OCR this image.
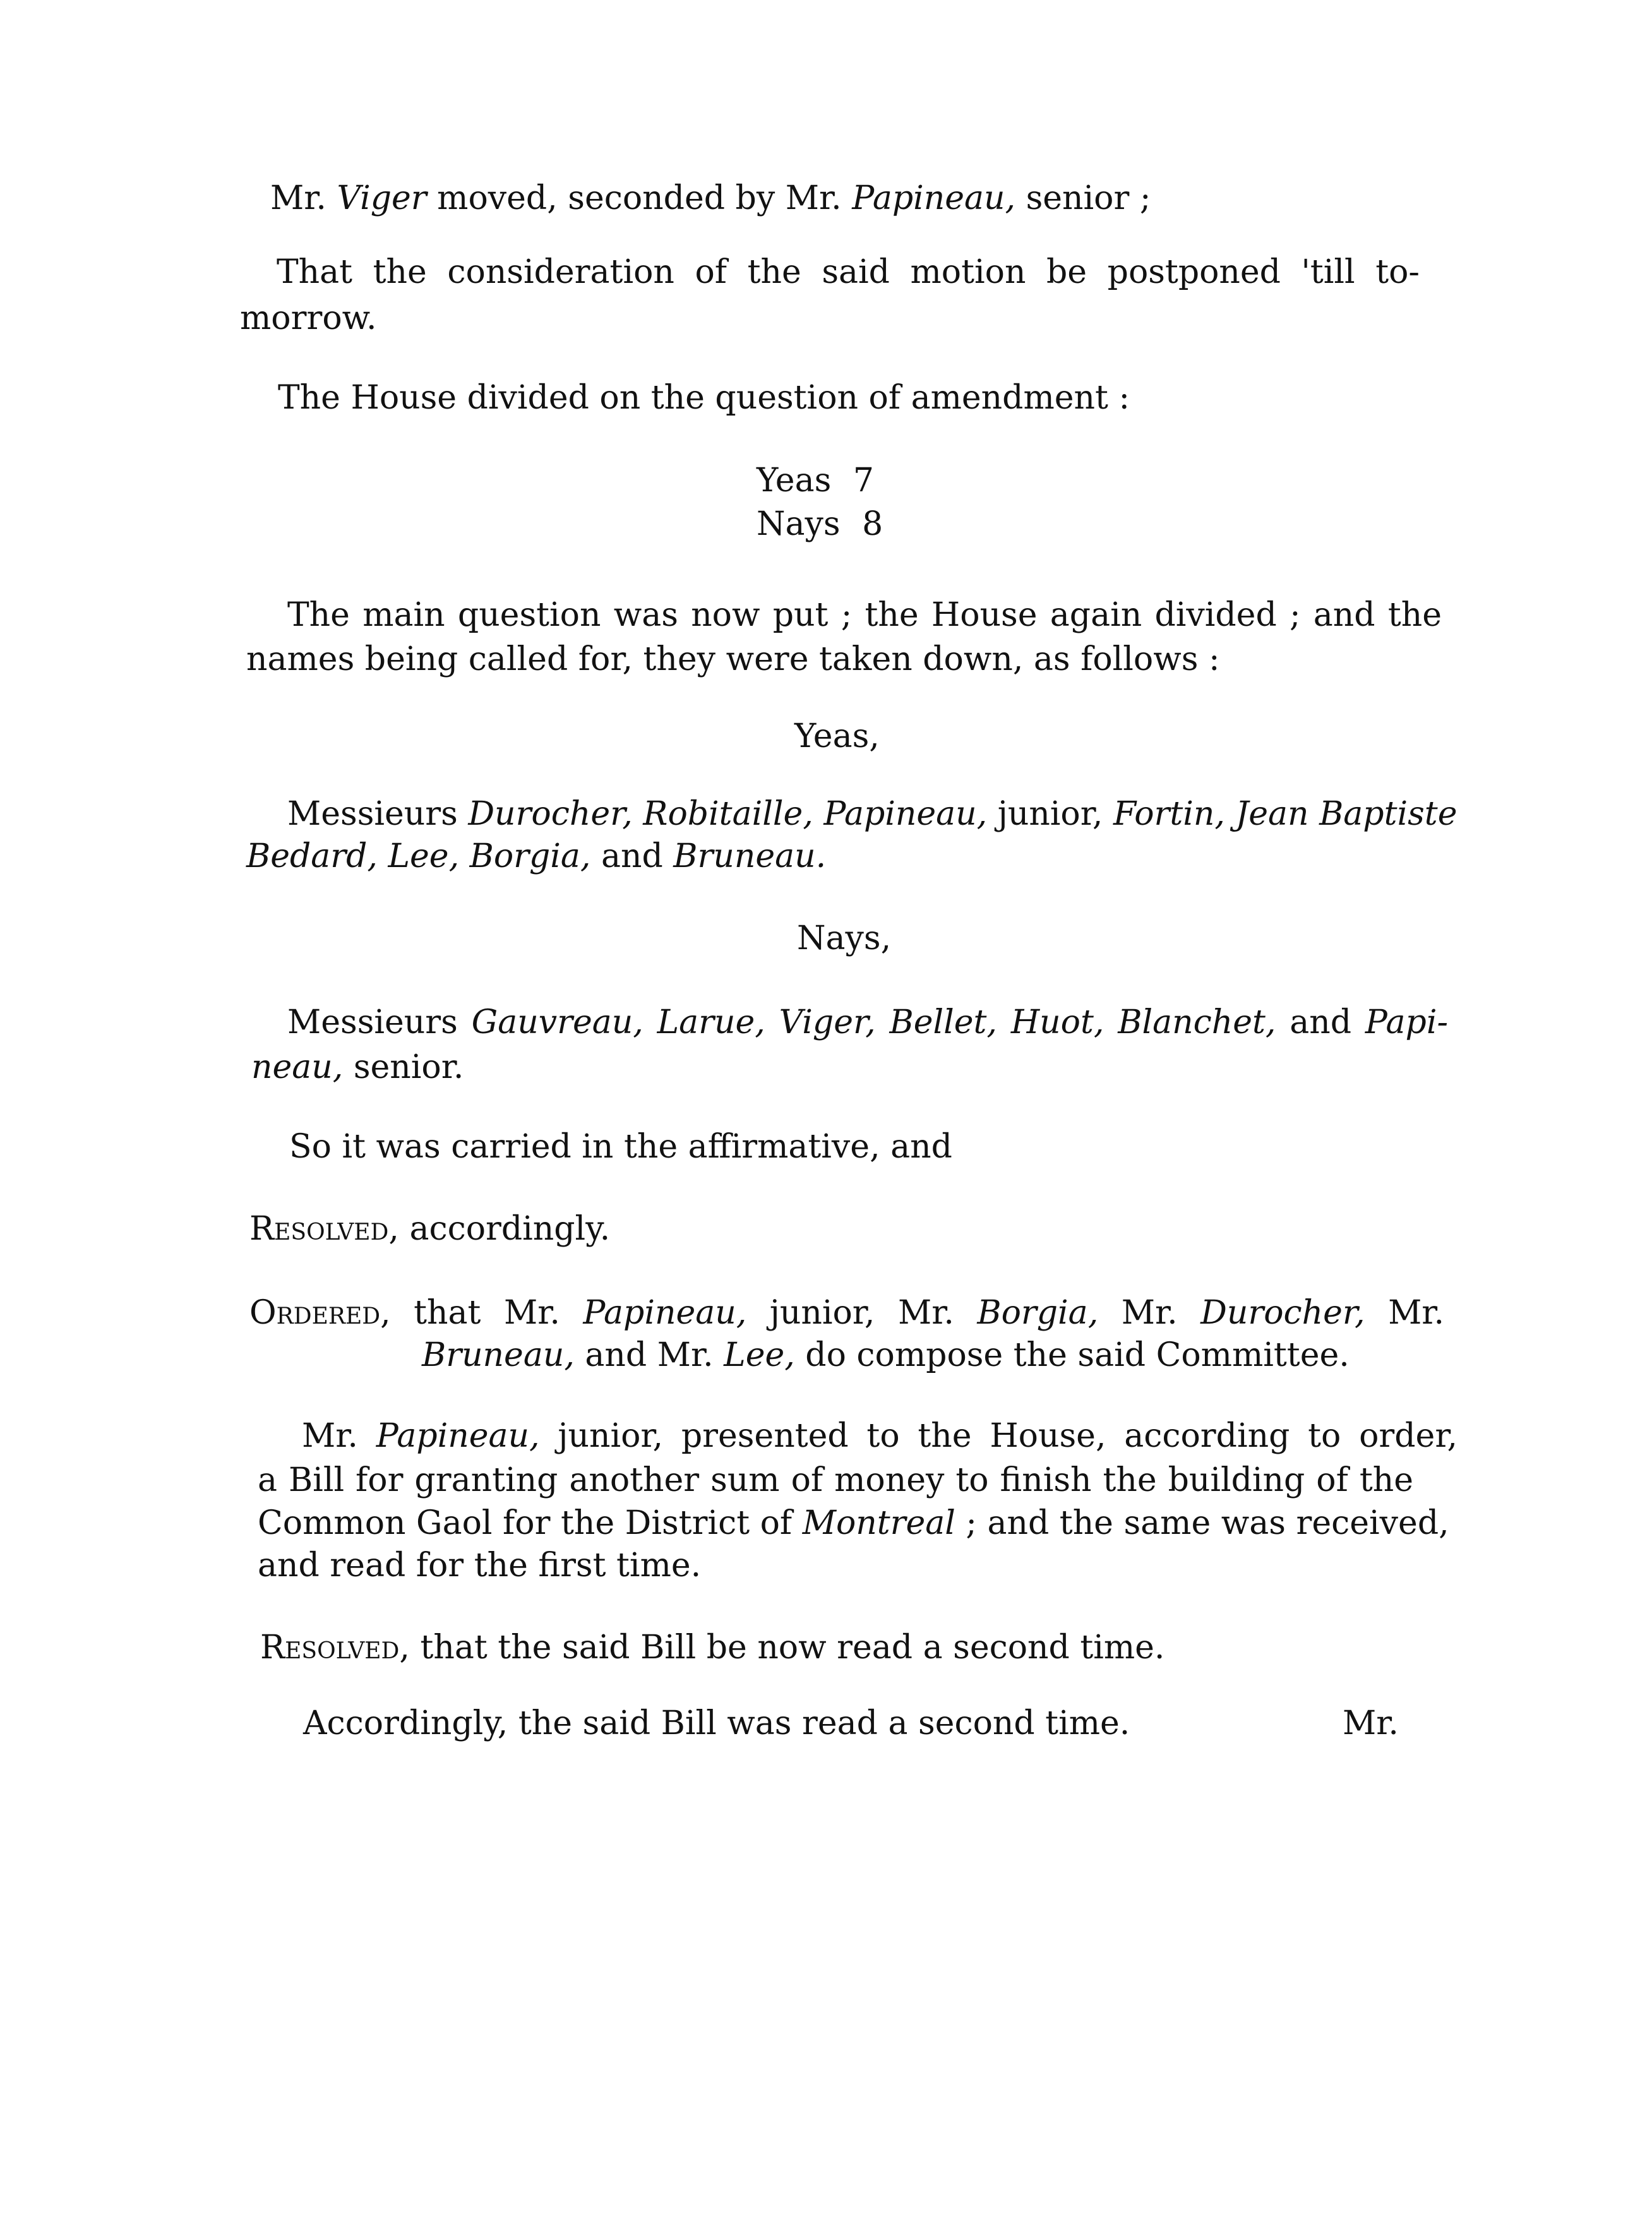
Mr. Viger moved, seconded by Mr. Papineau, senior ;
That the consideration of the said motion be postponed 'till to-
morrow.
The House divided on the question of amendment :
Yeas 7
Nays 8
The main question was now put ; the House again divided ; and the
names being called for, they were taken down, as follows :
Yeas,
Messieurs Durocher, Robitaille, Papineau, junior, Fortin, Jean Baptiste
Bedard, Lee, Borgia, and Bruneau.
Nays,
Messieurs Gauvreau, Larue, Viger, Bellet, Huot, Blanchet, and Papi-
neau, senior.
So it was carried in the affirmative, and
Resolved, accordingly.
Ordered, that Mr. Papineau, junior, Mr. Borgia, Mr. Durocher, Mr.
Bruneau, and Mr. Lee, do compose the said Committee.
Mr. Papineau, junior, presented to the House, according to order,
a Bill for granting another sum of money to finish the building of the
Common Gaol for the District of Montreal ; and the same was received,
and read for the first time.
Resolved, that the said Bill be now read a second time.
Accordingly, the said Bill was read a second time.	Mr.
